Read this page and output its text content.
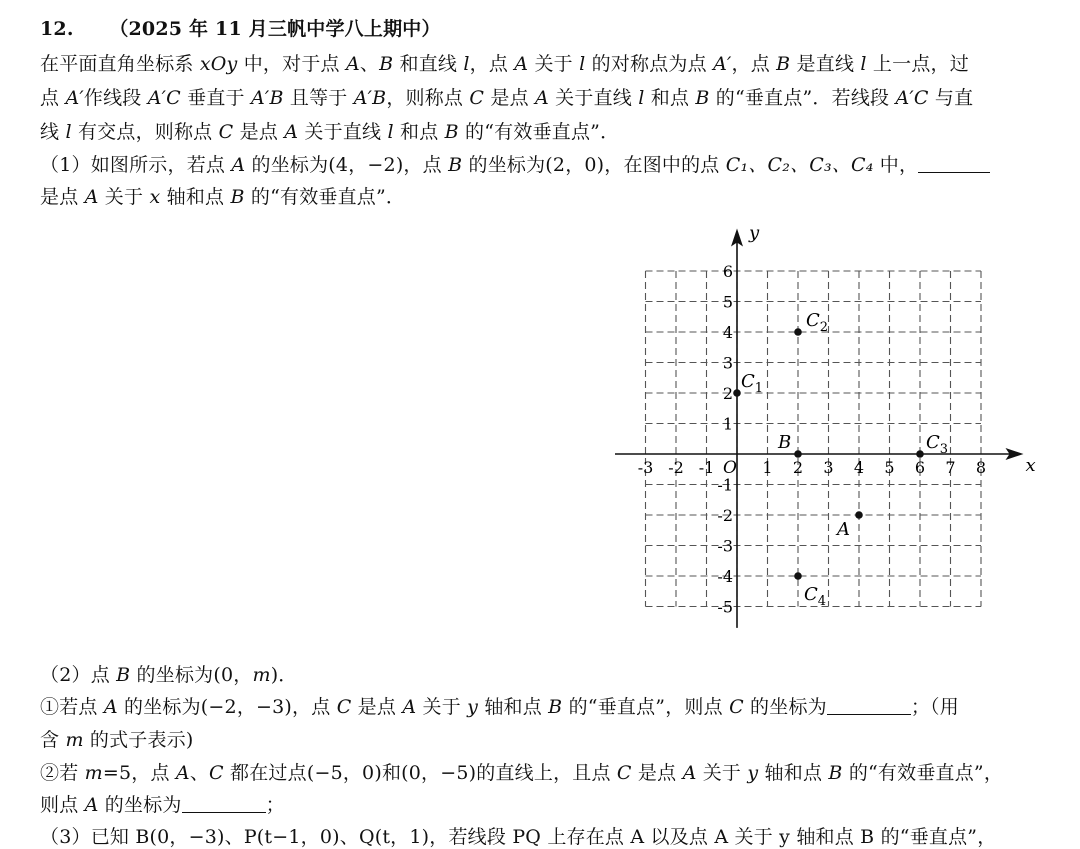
12. （2025 年 11 月三帆中学八上期中）
在平面直角坐标系 xOy 中，对于点 A、B 和直线 l，点 A 关于 l 的对称点为点 A′，点 B 是直线 l 上一点，过
点 A′作线段 A′C 垂直于 A′B 且等于 A′B，则称点 C 是点 A 关于直线 l 和点 B 的“垂直点”．若线段 A′C 与直
线 l 有交点，则称点 C 是点 A 关于直线 l 和点 B 的“有效垂直点”．
（1）如图所示，若点 A 的坐标为(4，−2)，点 B 的坐标为(2，0)，在图中的点 C₁、C₂、C₃、C₄ 中，
是点 A 关于 x 轴和点 B 的“有效垂直点”．
x
y
O
-3 -2 -1	1 2 3 4 5 6 7 8
6
5
4
3
2
1
-1
-2
-3
-4
-5
A
B
$C_1$
$C_2$
$C_3$
$C_4$
（2）点 B 的坐标为(0，m)．
①若点 A 的坐标为(−2，−3)，点 C 是点 A 关于 y 轴和点 B 的“垂直点”，则点 C 的坐标为	；（用
含 m 的式子表示)
②若 m=5，点 A、C 都在过点(−5，0)和(0，−5)的直线上，且点 C 是点 A 关于 y 轴和点 B 的“有效垂直点”，
则点 A 的坐标为	；
（3）已知 B(0，−3)、P(t−1，0)、Q(t，1)，若线段 PQ 上存在点 A 以及点 A 关于 y 轴和点 B 的“垂直点”，
